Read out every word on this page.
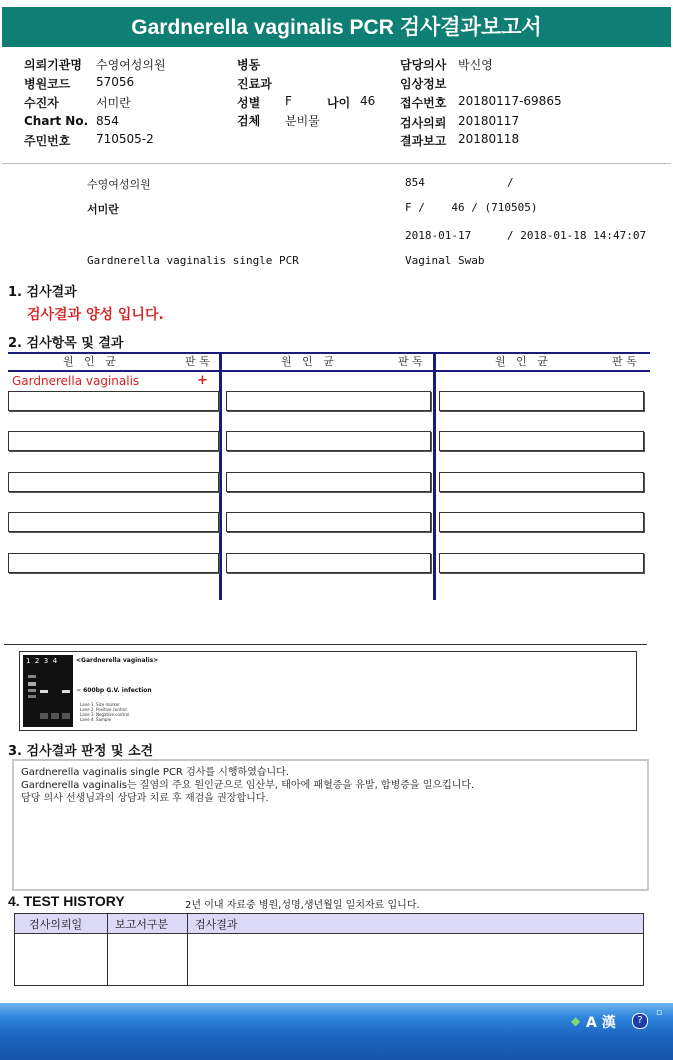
Gardnerella vaginalis PCR 검사결과보고서
의뢰기관명 수영여성의원
병원코드 57056
수진자	서미란
Chart No. 854
주민번호 710505-2
병동
진료과
성별 F	나이 46
검체 분비물
담당의사 박신영
임상정보
접수번호 20180117-69865
검사의뢰 20180117
결과보고 20180118
수영여성의원	854	/
서미란	F /    46 / (710505)
2018-01-17	/ 2018-01-18 14:47:07
Gardnerella vaginalis single PCR	Vaginal Swab
1. 검사결과
검사결과 양성 입니다.
2. 검사항목 및 결과
원   인   균	판 독	원   인   균	판 독	원   인   균	판 독
Gardnerella vaginalis	+
1  2  3  4	<Gardnerella vaginalis>
~ 600bp G.V. infection
Lane 1. Size marker
Lane 2. Positive control
Lane 3. Negative control
Lane 4. Sample
3. 검사결과 판정 및 소견
Gardnerella vaginalis single PCR 검사를 시행하였습니다.
Gardnerella vaginalis는 질염의 주요 원인균으로 임산부, 태아에 패혈증을 유발, 합병증을 일으킵니다.
담당 의사 선생님과의 상담과 치료 후 재검을 권장합니다.
4. TEST HISTORY	2년 이내 자료중 병원,성명,생년월일 일치자료 입니다.
검사의뢰일	보고서구분 검사결과
◆ A 漢	?
▫
